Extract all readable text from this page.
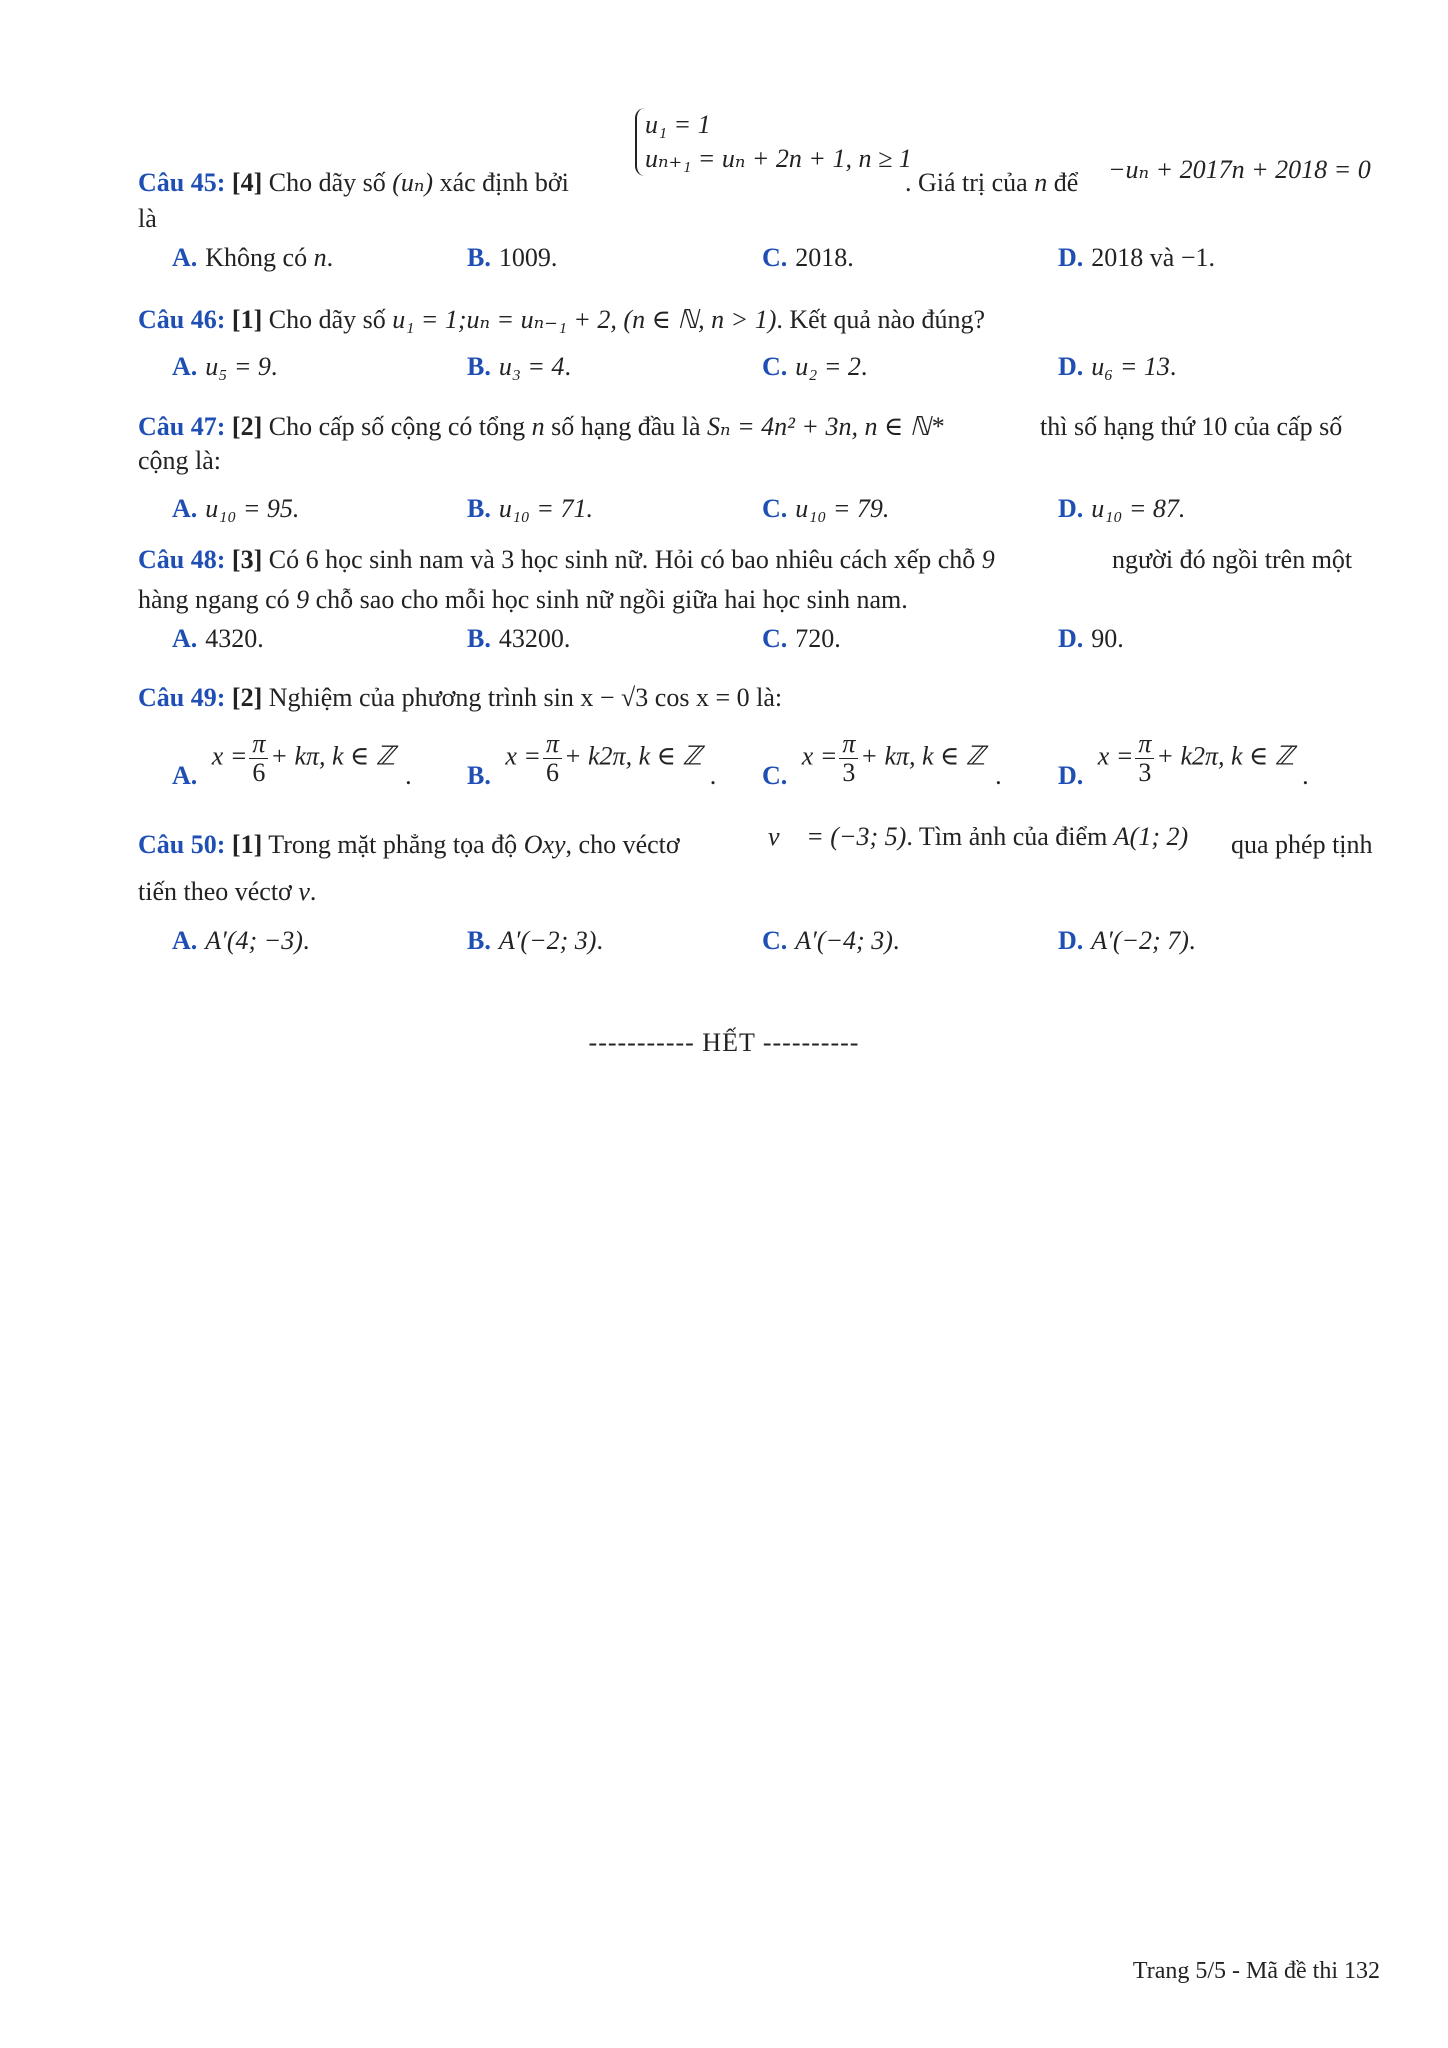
u₁ = 1
uₙ₊₁ = uₙ + 2n + 1, n ≥ 1
Câu 45: [4] Cho dãy số (uₙ) xác định bởi	. Giá trị của n để −uₙ + 2017n + 2018 = 0
là
A. Không có n.	B. 1009.	C. 2018.	D. 2018 và −1.
Câu 46: [1] Cho dãy số u₁ = 1;uₙ = uₙ₋₁ + 2, (n ∈ ℕ, n > 1). Kết quả nào đúng?
A. u₅ = 9.	B. u₃ = 4.	C. u₂ = 2.	D. u₆ = 13.
Câu 47: [2] Cho cấp số cộng có tổng n số hạng đầu là Sₙ = 4n² + 3n, n ∈ ℕ*	thì số hạng thứ 10 của cấp số
cộng là:
A. u₁₀ = 95.	B. u₁₀ = 71.	C. u₁₀ = 79.	D. u₁₀ = 87.
Câu 48: [3] Có 6 học sinh nam và 3 học sinh nữ. Hỏi có bao nhiêu cách xếp chỗ 9	người đó ngồi trên một
hàng ngang có 9 chỗ sao cho mỗi học sinh nữ ngồi giữa hai học sinh nam.
A. 4320.	B. 43200.	C. 720.	D. 90.
Câu 49: [2] Nghiệm của phương trình sin x − √3 cos x = 0 là:
A. $x = \frac{\pi}{6} + k\pi$, k ∈ ℤ. B. $x = \frac{\pi}{6} + k2\pi$, k ∈ ℤ. C. $x = \frac{\pi}{3} + k\pi$, k ∈ ℤ. D. $x = \frac{\pi}{3} + k2\pi$, k ∈ ℤ.
Câu 50: [1] Trong mặt phẳng tọa độ Oxy, cho véctơ	v⃗ = (−3; 5). Tìm ảnh của điểm A(1; 2) qua phép tịnh
tiến theo véctơ v.
A. A′(4; −3).	B. A′(−2; 3).	C. A′(−4; 3).	D. A′(−2; 7).
----------- HẾT ----------
Trang 5/5 - Mã đề thi 132
